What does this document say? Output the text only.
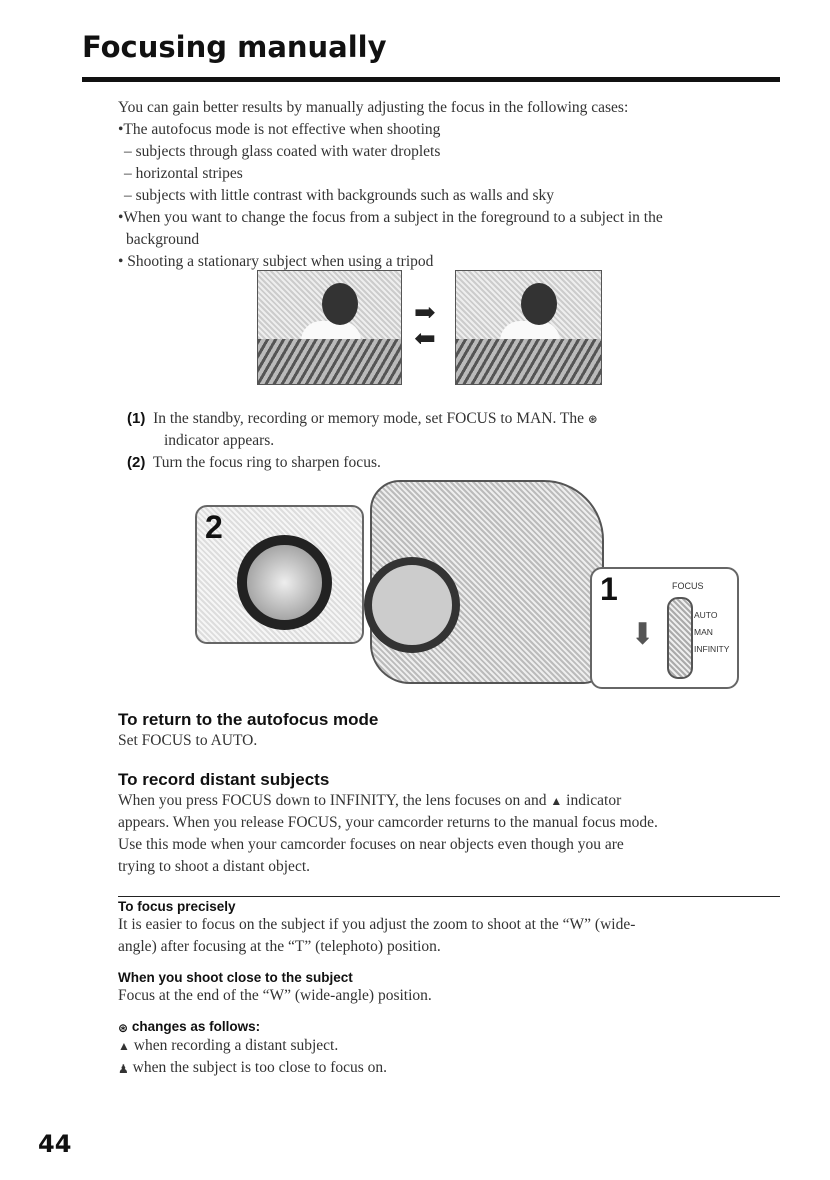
Focusing manually
You can gain better results by manually adjusting the focus in the following cases:
•The autofocus mode is not effective when shooting
– subjects through glass coated with water droplets
– horizontal stripes
– subjects with little contrast with backgrounds such as walls and sky
•When you want to change the focus from a subject in the foreground to a subject in the
background
• Shooting a stationary subject when using a tripod
➡
⬅
(1) In the standby, recording or memory mode, set FOCUS to MAN. The ⊛
indicator appears.
(2) Turn the focus ring to sharpen focus.
2
1	FOCUS
⬇
AUTO
MAN
INFINITY
To return to the autofocus mode
Set FOCUS to AUTO.
To record distant subjects
When you press FOCUS down to INFINITY, the lens focuses on and ▲ indicator
appears. When you release FOCUS, your camcorder returns to the manual focus mode.
Use this mode when your camcorder focuses on near objects even though you are
trying to shoot a distant object.
To focus precisely
It is easier to focus on the subject if you adjust the zoom to shoot at the “W” (wide-
angle) after focusing at the “T” (telephoto) position.
When you shoot close to the subject
Focus at the end of the “W” (wide-angle) position.
⊛ changes as follows:
▲ when recording a distant subject.
♟ when the subject is too close to focus on.
44
